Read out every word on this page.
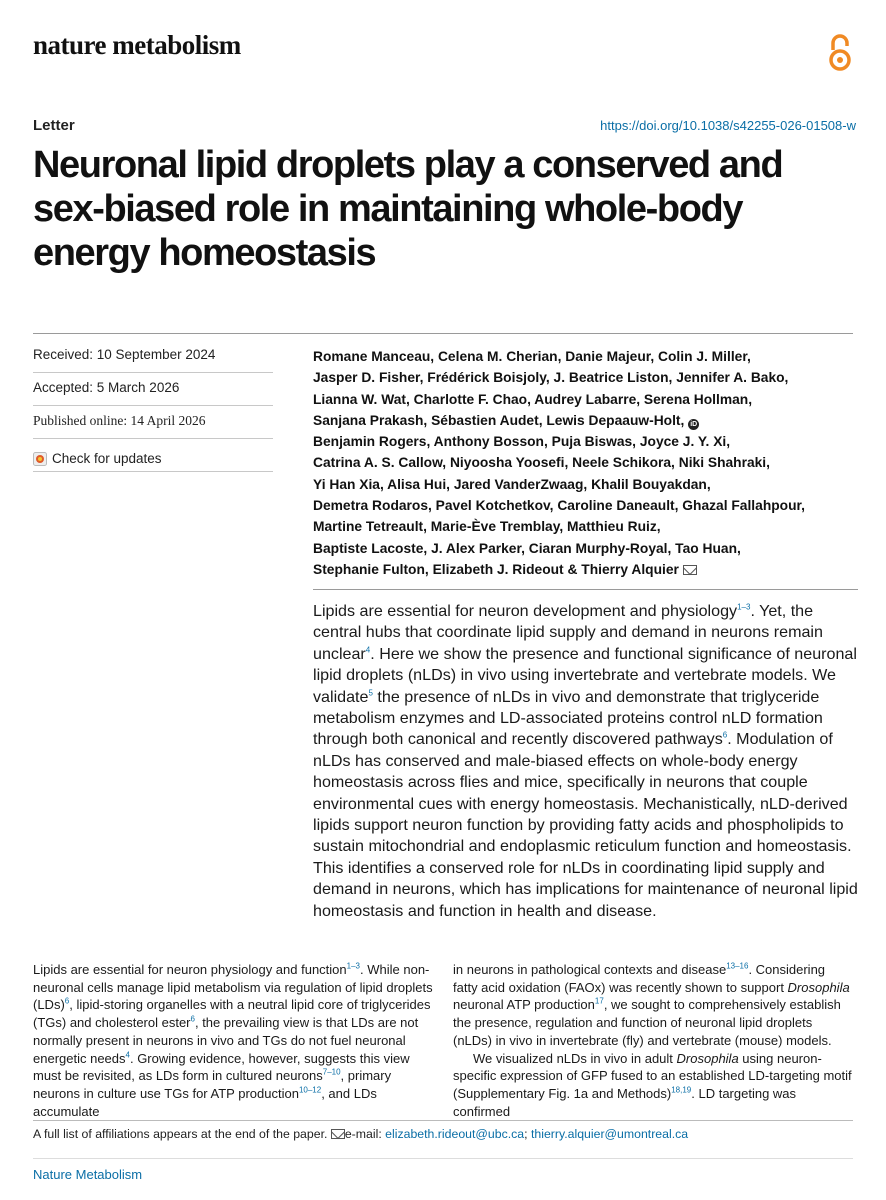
nature metabolism
Letter	https://doi.org/10.1038/s42255-026-01508-w
Neuronal lipid droplets play a conserved and sex-biased role in maintaining whole-body energy homeostasis
Received: 10 September 2024
Accepted: 5 March 2026
Published online: 14 April 2026
Check for updates
Romane Manceau, Celena M. Cherian, Danie Majeur, Colin J. Miller,
Jasper D. Fisher, Frédérick Boisjoly, J. Beatrice Liston, Jennifer A. Bako,
Lianna W. Wat, Charlotte F. Chao, Audrey Labarre, Serena Hollman,
Sanjana Prakash, Sébastien Audet, Lewis Depaauw-Holt, iD
Benjamin Rogers, Anthony Bosson, Puja Biswas, Joyce J. Y. Xi,
Catrina A. S. Callow, Niyoosha Yoosefi, Neele Schikora, Niki Shahraki,
Yi Han Xia, Alisa Hui, Jared VanderZwaag, Khalil Bouyakdan,
Demetra Rodaros, Pavel Kotchetkov, Caroline Daneault, Ghazal Fallahpour,
Martine Tetreault, Marie-Ève Tremblay, Matthieu Ruiz,
Baptiste Lacoste, J. Alex Parker, Ciaran Murphy-Royal, Tao Huan,
Stephanie Fulton, Elizabeth J. Rideout & Thierry Alquier
Lipids are essential for neuron development and physiology$^{1-3}$. Yet, the central hubs that coordinate lipid supply and demand in neurons remain unclear$^4$. Here we show the presence and functional significance of neuronal lipid droplets (nLDs) in vivo using invertebrate and vertebrate models. We validate$^5$ the presence of nLDs in vivo and demonstrate that triglyceride metabolism enzymes and LD-associated proteins control nLD formation through both canonical and recently discovered pathways$^6$. Modulation of nLDs has conserved and male-biased effects on whole-body energy homeostasis across flies and mice, specifically in neurons that couple environmental cues with energy homeostasis. Mechanistically, nLD-derived lipids support neuron function by providing fatty acids and phospholipids to sustain mitochondrial and endoplasmic reticulum function and homeostasis. This identifies a conserved role for nLDs in coordinating lipid supply and demand in neurons, which has implications for maintenance of neuronal lipid homeostasis and function in health and disease.
Lipids are essential for neuron physiology and function$^{1-3}$. While non-neuronal cells manage lipid metabolism via regulation of lipid droplets (LDs)$^6$, lipid-storing organelles with a neutral lipid core of triglycerides (TGs) and cholesterol ester$^6$, the prevailing view is that LDs are not normally present in neurons in vivo and TGs do not fuel neuronal energetic needs$^4$. Growing evidence, however, suggests this view must be revisited, as LDs form in cultured neurons$^{7-10}$, primary neurons in culture use TGs for ATP production$^{10-12}$, and LDs accumulate
in neurons in pathological contexts and disease$^{13-16}$. Considering fatty acid oxidation (FAOx) was recently shown to support Drosophila neuronal ATP production$^{17}$, we sought to comprehensively establish the presence, regulation and function of neuronal lipid droplets (nLDs) in vivo in invertebrate (fly) and vertebrate (mouse) models.
We visualized nLDs in vivo in adult Drosophila using neuron-specific expression of GFP fused to an established LD-targeting motif (Supplementary Fig. 1a and Methods)$^{18,19}$. LD targeting was confirmed
A full list of affiliations appears at the end of the paper. e-mail: elizabeth.rideout@ubc.ca; thierry.alquier@umontreal.ca
Nature Metabolism
